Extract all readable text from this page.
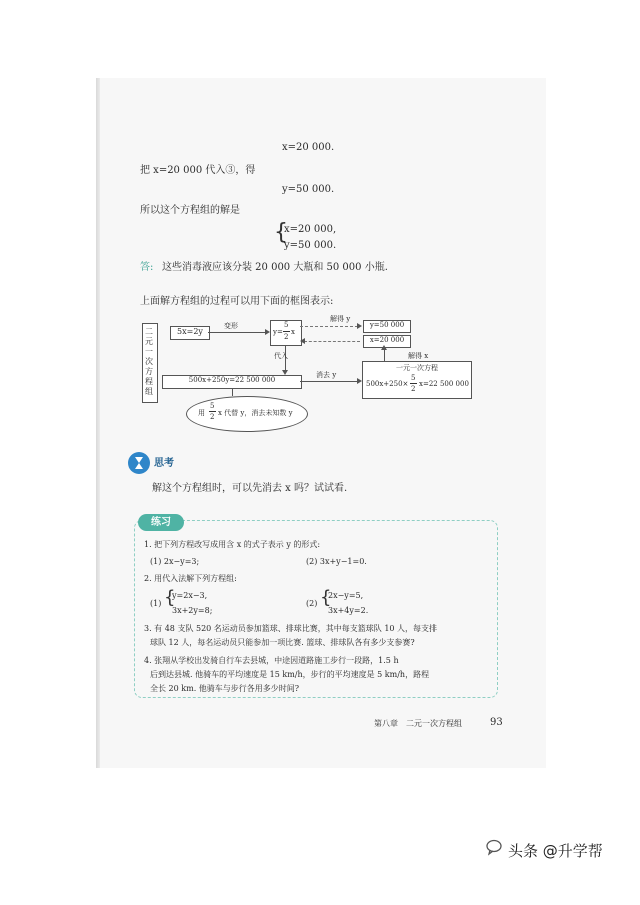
x=20 000.
把 x=20 000 代入③，得
y=50 000.
所以这个方程组的解是
{
x=20 000,
y=50 000.
答: 这些消毒液应该分装 20 000 大瓶和 50 000 小瓶.
上面解方程组的过程可以用下面的框图表示:
二元一次方程组
5x=2y
变形
y=
5
2
x
解得 y
y=50 000
x=20 000
解得 x
代入
500x+250y=22 500 000
消去 y
一元一次方程
500x+250×
5
2
x=22 500 000
用
5
2 x 代替 y，消去未知数 y
思考
解这个方程组时，可以先消去 x 吗？试试看.
练习
1. 把下列方程改写成用含 x 的式子表示 y 的形式:
(1) 2x−y=3;	(2) 3x+y−1=0.
2. 用代入法解下列方程组:
(1) {
y=2x−3,
3x+2y=8;
(2) {
2x−y=5,
3x+4y=2.
3. 有 48 支队 520 名运动员参加篮球、排球比赛，其中每支篮球队 10 人，每支排
球队 12 人，每名运动员只能参加一项比赛. 篮球、排球队各有多少支参赛?
4. 张翔从学校出发骑自行车去县城，中途因道路施工步行一段路，1.5 h
后到达县城. 他骑车的平均速度是 15 km/h，步行的平均速度是 5 km/h，路程
全长 20 km. 他骑车与步行各用多少时间?
第八章　二元一次方程组	93
头条 @升学帮
